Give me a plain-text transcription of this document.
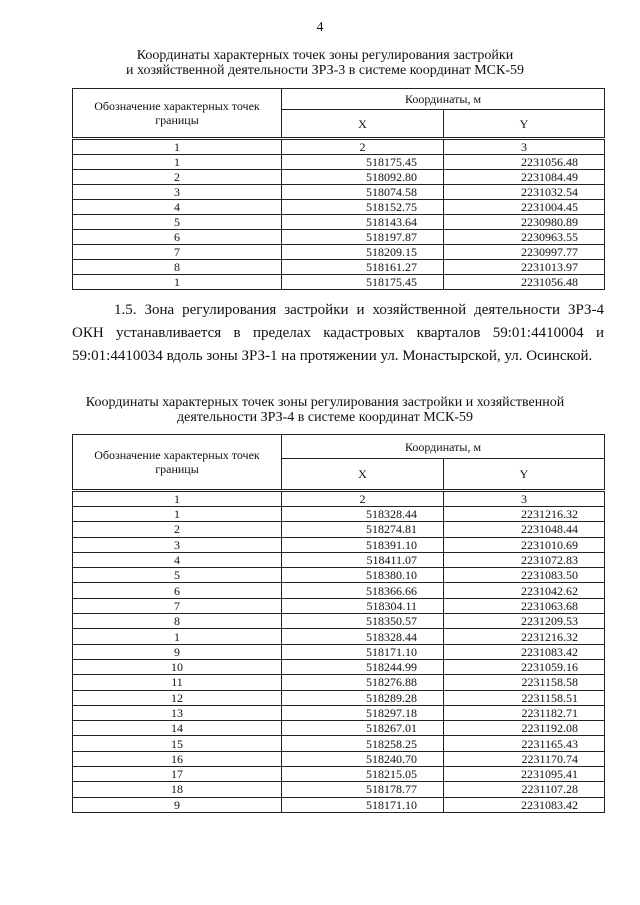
4
Координаты характерных точек зоны регулирования застройки
и хозяйственной деятельности ЗРЗ-3 в системе координат МСК-59
Обозначение характерных точек границы	Координаты, м	
	X	Y
1	2	3
1	518175.45	2231056.48
2	518092.80	2231084.49
3	518074.58	2231032.54
4	518152.75	2231004.45
5	518143.64	2230980.89
6	518197.87	2230963.55
7	518209.15	2230997.77
8	518161.27	2231013.97
1	518175.45	2231056.48
1.5. Зона регулирования застройки и хозяйственной деятельности ЗРЗ-4 ОКН устанавливается в пределах кадастровых кварталов 59:01:4410004 и 59:01:4410034 вдоль зоны ЗРЗ-1 на протяжении ул. Монастырской, ул. Осинской.
Координаты характерных точек зоны регулирования застройки и хозяйственной
деятельности ЗРЗ-4 в системе координат МСК-59
Обозначение характерных точек границы	Координаты, м	
	X	Y
1	2	3
1	518328.44	2231216.32
2	518274.81	2231048.44
3	518391.10	2231010.69
4	518411.07	2231072.83
5	518380.10	2231083.50
6	518366.66	2231042.62
7	518304.11	2231063.68
8	518350.57	2231209.53
1	518328.44	2231216.32
9	518171.10	2231083.42
10	518244.99	2231059.16
11	518276.88	2231158.58
12	518289.28	2231158.51
13	518297.18	2231182.71
14	518267.01	2231192.08
15	518258.25	2231165.43
16	518240.70	2231170.74
17	518215.05	2231095.41
18	518178.77	2231107.28
9	518171.10	2231083.42
